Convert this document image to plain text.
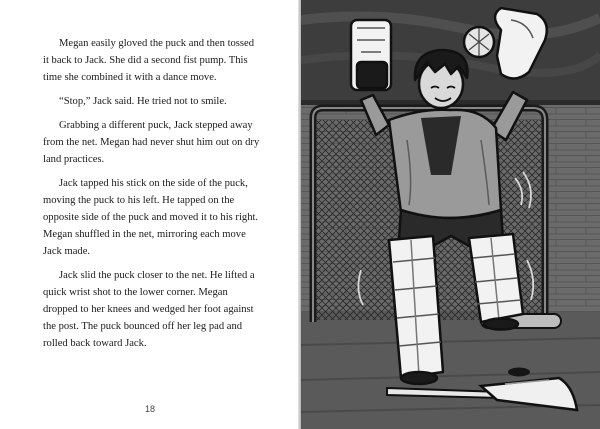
Megan easily gloved the puck and then tossed it back to Jack. She did a second fist pump. This time she combined it with a dance move.

“Stop,” Jack said. He tried not to smile.

Grabbing a different puck, Jack stepped away from the net. Megan had never shut him out on dry land practices.

Jack tapped his stick on the side of the puck, moving the puck to his left. He tapped on the opposite side of the puck and moved it to his right. Megan shuffled in the net, mirroring each move Jack made.

Jack slid the puck closer to the net. He lifted a quick wrist shot to the lower corner. Megan dropped to her knees and wedged her foot against the post. The puck bounced off her leg pad and rolled back toward Jack.

18
